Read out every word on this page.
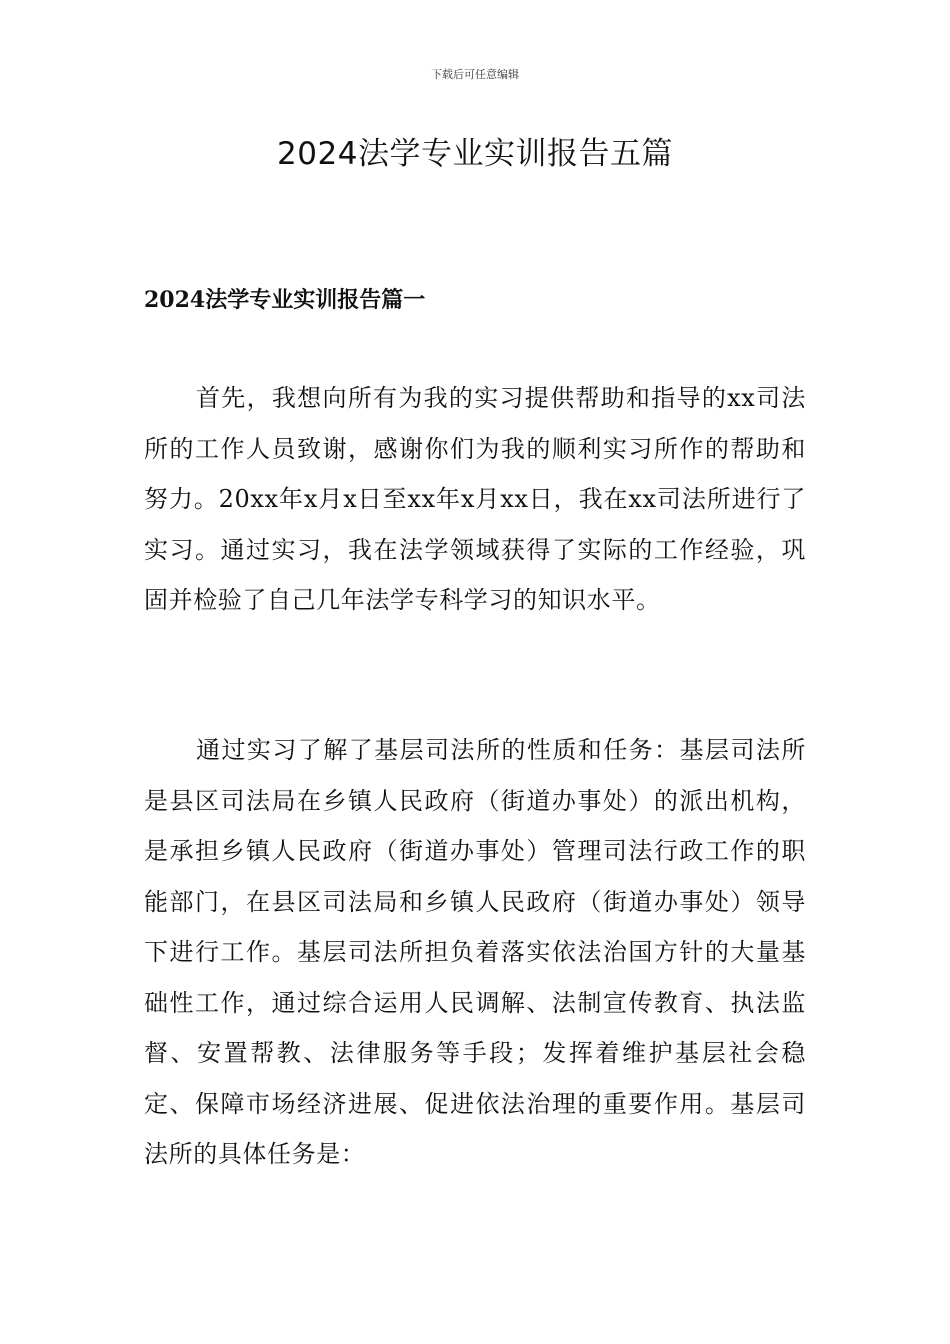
下载后可任意编辑
2024法学专业实训报告五篇
2024法学专业实训报告篇一

首先，我想向所有为我的实习提供帮助和指导的xx司法所的工作人员致谢，感谢你们为我的顺利实习所作的帮助和努力。20xx年x月x日至xx年x月xx日，我在xx司法所进行了实习。通过实习，我在法学领域获得了实际的工作经验，巩固并检验了自己几年法学专科学习的知识水平。

通过实习了解了基层司法所的性质和任务：基层司法所是县区司法局在乡镇人民政府（街道办事处）的派出机构，是承担乡镇人民政府（街道办事处）管理司法行政工作的职能部门，在县区司法局和乡镇人民政府（街道办事处）领导下进行工作。基层司法所担负着落实依法治国方针的大量基础性工作，通过综合运用人民调解、法制宣传教育、执法监督、安置帮教、法律服务等手段；发挥着维护基层社会稳定、保障市场经济进展、促进依法治理的重要作用。基层司法所的具体任务是：
